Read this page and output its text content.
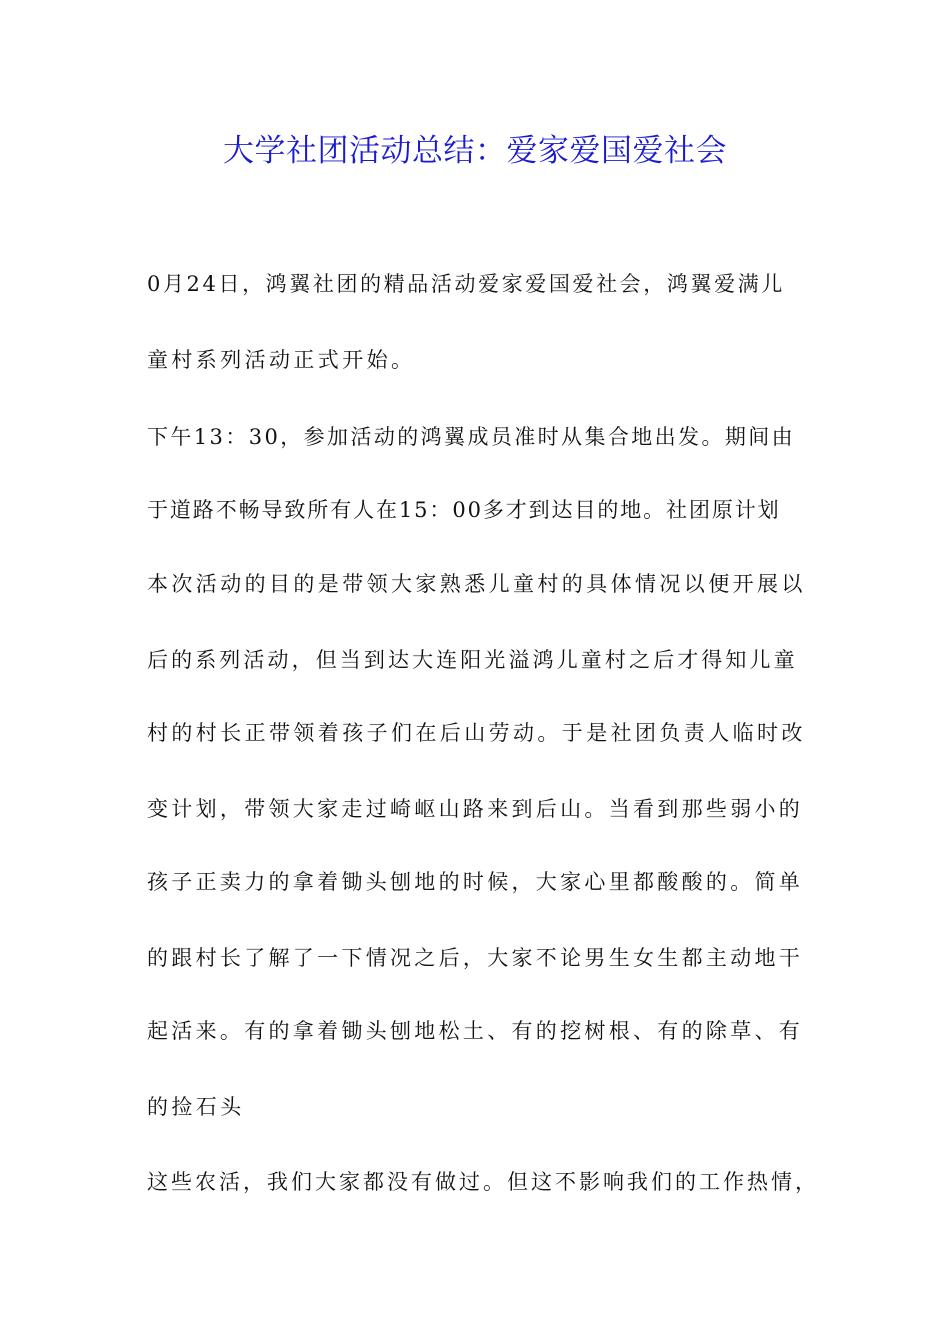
大学社团活动总结：爱家爱国爱社会
0月24日，鸿翼社团的精品活动爱家爱国爱社会，鸿翼爱满儿
童村系列活动正式开始。
下午13：30，参加活动的鸿翼成员准时从集合地出发。期间由
于道路不畅导致所有人在15：00多才到达目的地。社团原计划
本次活动的目的是带领大家熟悉儿童村的具体情况以便开展以
后的系列活动，但当到达大连阳光溢鸿儿童村之后才得知儿童
村的村长正带领着孩子们在后山劳动。于是社团负责人临时改
变计划，带领大家走过崎岖山路来到后山。当看到那些弱小的
孩子正卖力的拿着锄头刨地的时候，大家心里都酸酸的。简单
的跟村长了解了一下情况之后，大家不论男生女生都主动地干
起活来。有的拿着锄头刨地松土、有的挖树根、有的除草、有
的捡石头
这些农活，我们大家都没有做过。但这不影响我们的工作热情，
